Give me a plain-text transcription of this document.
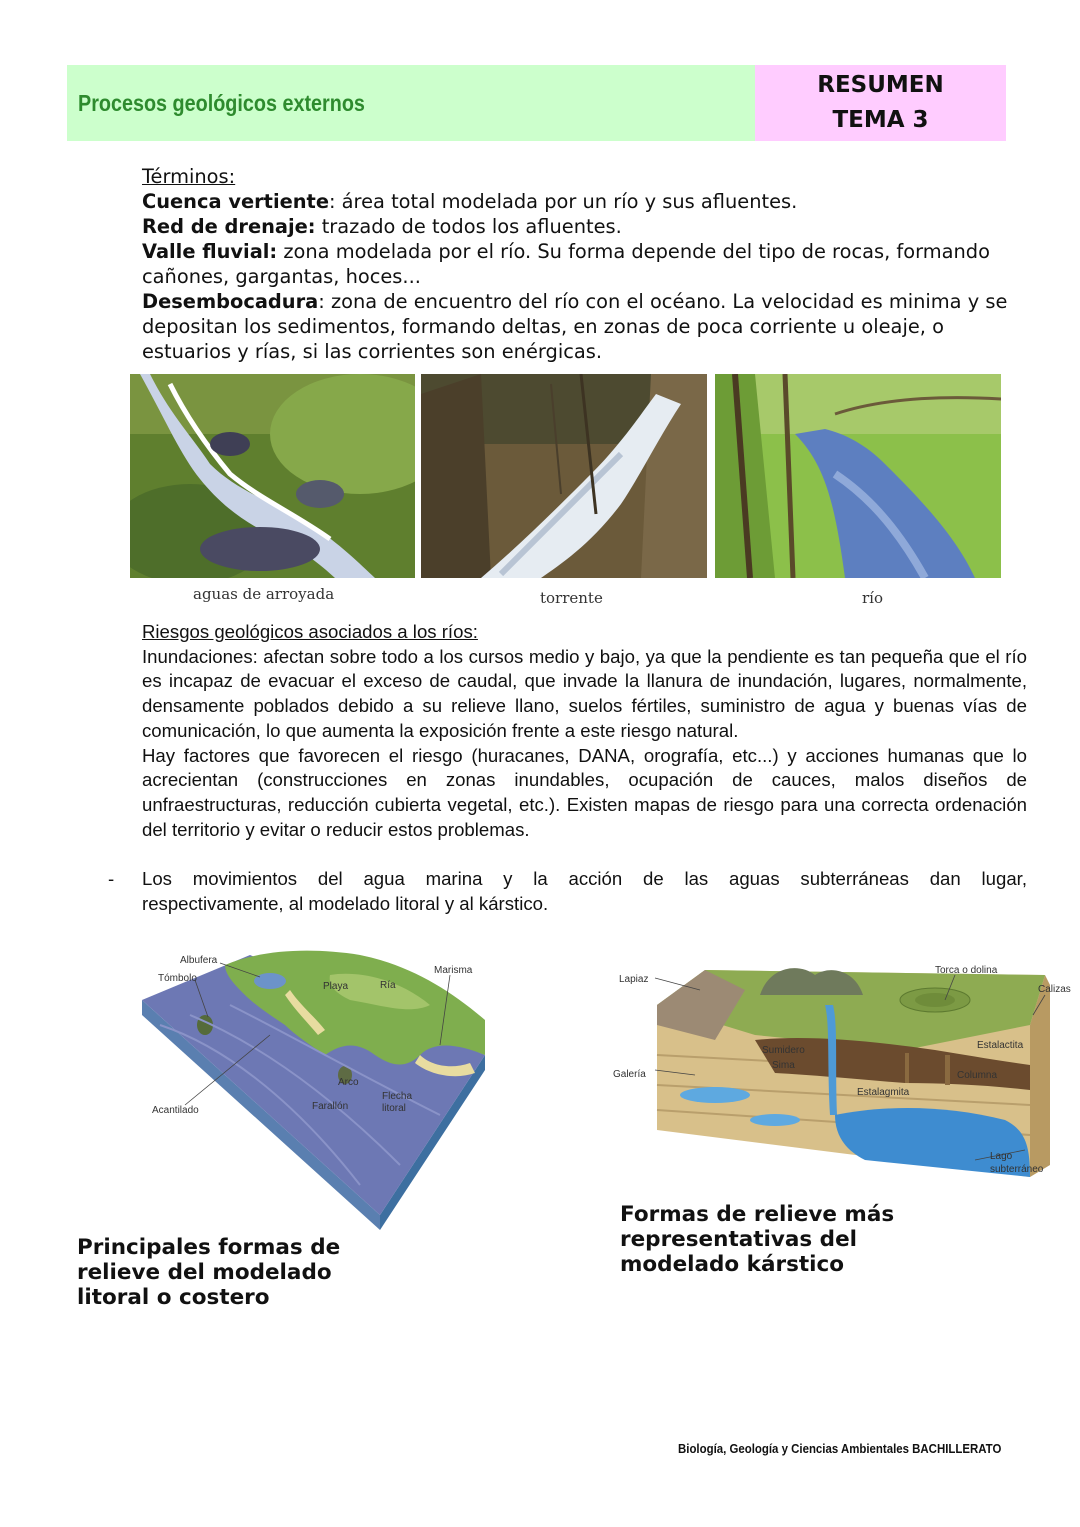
Procesos geológicos externos
RESUMEN
TEMA 3
Términos:
Cuenca vertiente: área total modelada por un río y sus afluentes.
Red de drenaje: trazado de todos los afluentes.
Valle fluvial: zona modelada por el río. Su forma depende del tipo de rocas, formando cañones, gargantas, hoces...
Desembocadura: zona de encuentro del río con el océano. La velocidad es minima y se depositan los sedimentos, formando deltas, en zonas de poca corriente u oleaje, o estuarios y rías, si las corrientes son enérgicas.
aguas de arroyada	torrente	río
Riesgos geológicos asociados a los ríos:
Inundaciones: afectan sobre todo a los cursos medio y bajo, ya que la pendiente es tan pequeña que el río es incapaz de evacuar el exceso de caudal, que invade la llanura de inundación, lugares, normalmente, densamente poblados debido a su relieve llano, suelos fértiles, suministro de agua y buenas vías de comunicación, lo que aumenta la exposición frente a este riesgo natural.
Hay factores que favorecen el riesgo (huracanes, DANA, orografía, etc...) y acciones humanas que lo acrecientan (construcciones en zonas inundables, ocupación de cauces, malos diseños de unfraestructuras, reducción cubierta vegetal, etc.). Existen mapas de riesgo para una correcta ordenación del territorio y evitar o reducir estos problemas.
- Los movimientos del agua marina y la acción de las aguas subterráneas dan lugar,
respectivamente, al modelado litoral y al kárstico.
Albufera
Tómbolo
Playa	Ría
Marisma
Arco
Farallón
Flecha
litoral
Acantilado
Principales formas de
relieve del modelado
litoral o costero
Lapiaz
Torca o dolina
Calizas
Sumidero
Sima
Estalactita
Galería	Columna
Estalagmita
Lago
subterráneo
Formas de relieve más
representativas del
modelado kárstico
Biología, Geología y Ciencias Ambientales BACHILLERATO
